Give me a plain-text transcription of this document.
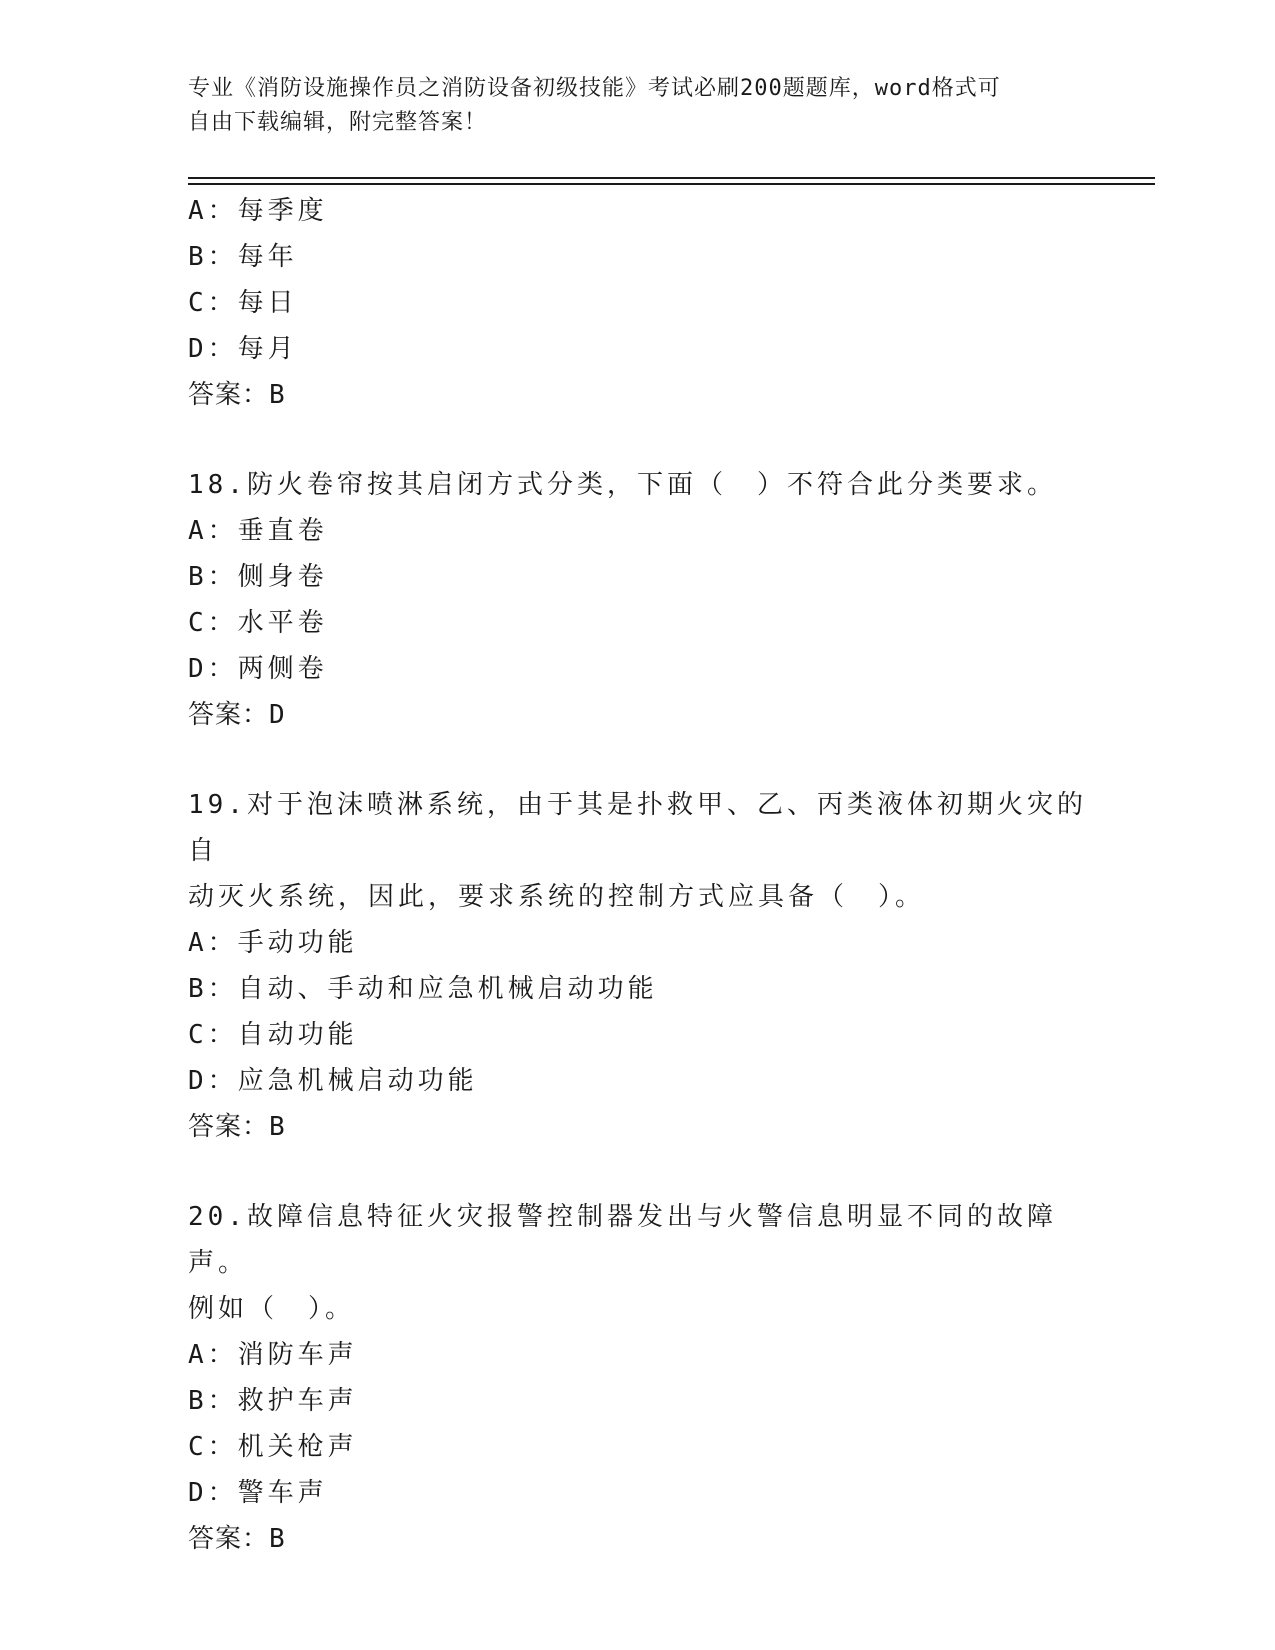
专业《消防设施操作员之消防设备初级技能》考试必刷200题题库，word格式可
自由下载编辑，附完整答案！
A：每季度
B：每年
C：每日
D：每月
答案：B
18.防火卷帘按其启闭方式分类，下面（　）不符合此分类要求。
A：垂直卷
B：侧身卷
C：水平卷
D：两侧卷
答案：D
19.对于泡沫喷淋系统，由于其是扑救甲、乙、丙类液体初期火灾的自
动灭火系统，因此，要求系统的控制方式应具备（　）。
A：手动功能
B：自动、手动和应急机械启动功能
C：自动功能
D：应急机械启动功能
答案：B
20.故障信息特征火灾报警控制器发出与火警信息明显不同的故障声。
例如（　）。
A：消防车声
B：救护车声
C：机关枪声
D：警车声
答案：B
